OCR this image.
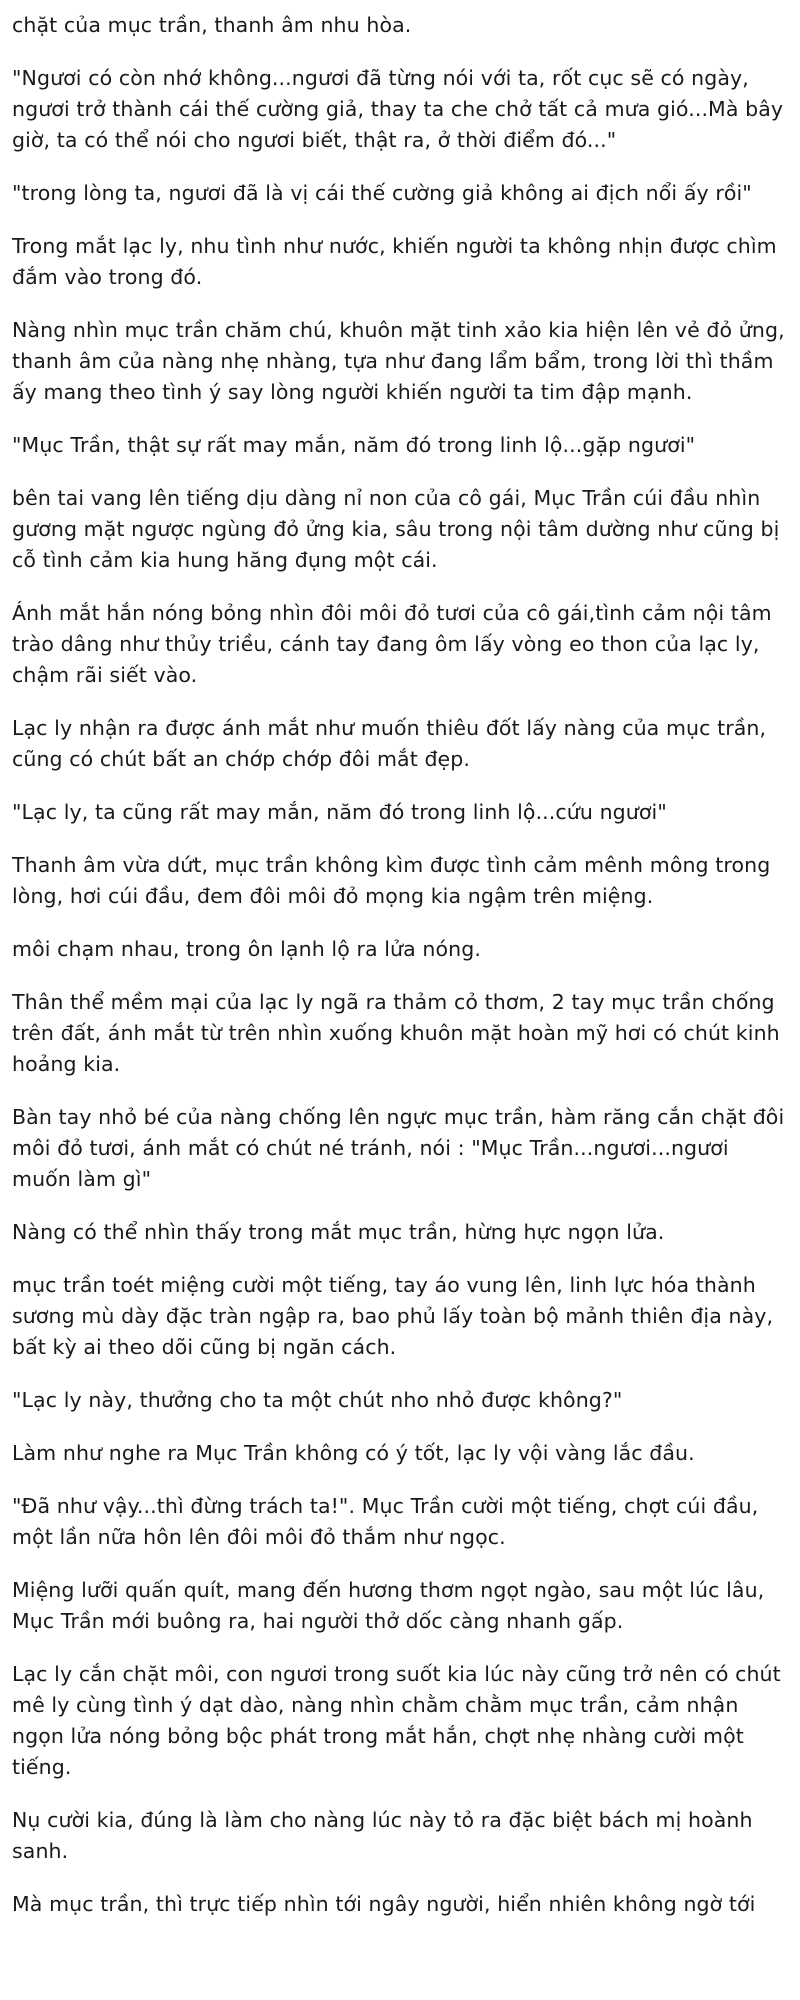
chặt của mục trần, thanh âm nhu hòa.

"Ngươi có còn nhớ không...ngươi đã từng nói với ta, rốt cục sẽ có ngày, ngươi trở thành cái thế cường giả, thay ta che chở tất cả mưa gió...Mà bây giờ, ta có thể nói cho ngươi biết, thật ra, ở thời điểm đó..."

"trong lòng ta, ngươi đã là vị cái thế cường giả không ai địch nổi ấy rồi"

Trong mắt lạc ly, nhu tình như nước, khiến người ta không nhịn được chìm đắm vào trong đó.

Nàng nhìn mục trần chăm chú, khuôn mặt tinh xảo kia hiện lên vẻ đỏ ửng, thanh âm của nàng nhẹ nhàng, tựa như đang lẩm bẩm, trong lời thì thầm ấy mang theo tình ý say lòng người khiến người ta tim đập mạnh.

"Mục Trần, thật sự rất may mắn, năm đó trong linh lộ...gặp ngươi"

bên tai vang lên tiếng dịu dàng nỉ non của cô gái, Mục Trần cúi đầu nhìn gương mặt ngược ngùng đỏ ửng kia, sâu trong nội tâm dường như cũng bị cỗ tình cảm kia hung hăng đụng một cái.

Ánh mắt hắn nóng bỏng nhìn đôi môi đỏ tươi của cô gái,tình cảm nội tâm trào dâng như thủy triều, cánh tay đang ôm lấy vòng eo thon của lạc ly, chậm rãi siết vào.

Lạc ly nhận ra được ánh mắt như muốn thiêu đốt lấy nàng của mục trần, cũng có chút bất an chớp chớp đôi mắt đẹp.

"Lạc ly, ta cũng rất may mắn, năm đó trong linh lộ...cứu ngươi"

Thanh âm vừa dứt, mục trần không kìm được tình cảm mênh mông trong lòng, hơi cúi đầu, đem đôi môi đỏ mọng kia ngậm trên miệng.

môi chạm nhau, trong ôn lạnh lộ ra lửa nóng.

Thân thể mềm mại của lạc ly ngã ra thảm cỏ thơm, 2 tay mục trần chống trên đất, ánh mắt từ trên nhìn xuống khuôn mặt hoàn mỹ hơi có chút kinh hoảng kia.

Bàn tay nhỏ bé của nàng chống lên ngực mục trần, hàm răng cắn chặt đôi môi đỏ tươi, ánh mắt có chút né tránh, nói : "Mục Trần...ngươi...ngươi muốn làm gì"

Nàng có thể nhìn thấy trong mắt mục trần, hừng hực ngọn lửa.

mục trần toét miệng cười một tiếng, tay áo vung lên, linh lực hóa thành sương mù dày đặc tràn ngập ra, bao phủ lấy toàn bộ mảnh thiên địa này, bất kỳ ai theo dõi cũng bị ngăn cách.

"Lạc ly này, thưởng cho ta một chút nho nhỏ được không?"

Làm như nghe ra Mục Trần không có ý tốt, lạc ly vội vàng lắc đầu.

"Đã như vậy...thì đừng trách ta!". Mục Trần cười một tiếng, chợt cúi đầu, một lần nữa hôn lên đôi môi đỏ thắm như ngọc.

Miệng lưỡi quấn quít, mang đến hương thơm ngọt ngào, sau một lúc lâu, Mục Trần mới buông ra, hai người thở dốc càng nhanh gấp.

Lạc ly cắn chặt môi, con ngươi trong suốt kia lúc này cũng trở nên có chút mê ly cùng tình ý dạt dào, nàng nhìn chằm chằm mục trần, cảm nhận ngọn lửa nóng bỏng bộc phát trong mắt hắn, chợt nhẹ nhàng cười một tiếng.

Nụ cười kia, đúng là làm cho nàng lúc này tỏ ra đặc biệt bách mị hoành sanh.

Mà mục trần, thì trực tiếp nhìn tới ngây người, hiển nhiên không ngờ tới
